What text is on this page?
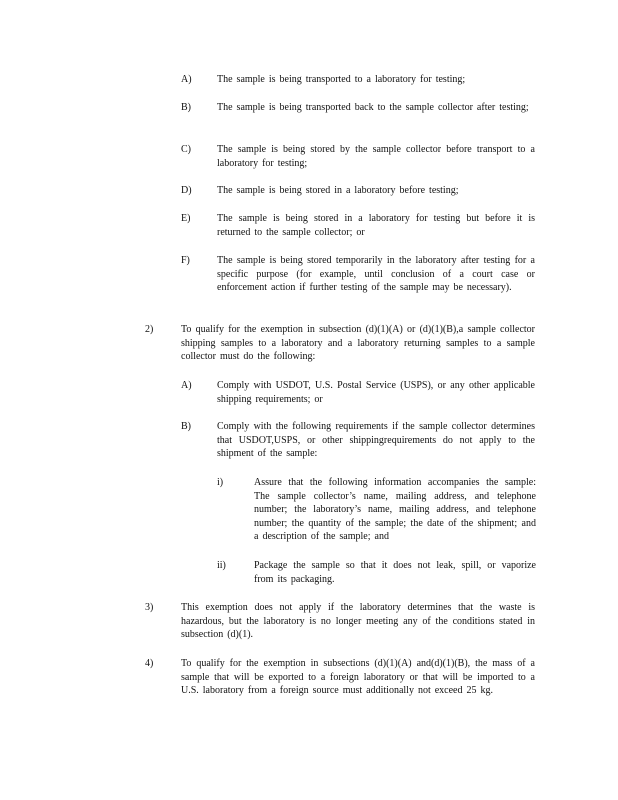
A)	The sample is being transported to a laboratory for testing;
B)	The sample is being transported back to the sample collector after testing;
C)	The sample is being stored by the sample collector before transport to a laboratory for testing;
D)	The sample is being stored in a laboratory before testing;
E)	The sample is being stored in a laboratory for testing but before it is returned to the sample collector; or
F)	The sample is being stored temporarily in the laboratory after testing for a specific purpose (for example, until conclusion of a court case or enforcement action if further testing of the sample may be necessary).
2)	To qualify for the exemption in subsection (d)(1)(A) or (d)(1)(B),a sample collector shipping samples to a laboratory and a laboratory returning samples to a sample collector must do the following:
A)	Comply with USDOT, U.S. Postal Service (USPS), or any other applicable shipping requirements; or
B)	Comply with the following requirements if the sample collector determines that USDOT,USPS, or other shippingrequirements do not apply to the shipment of the sample:
i)	Assure that the following information accompanies the sample: The sample collector’s name, mailing address, and telephone number; the laboratory’s name, mailing address, and telephone number; the quantity of the sample; the date of the shipment; and a description of the sample; and
ii)	Package the sample so that it does not leak, spill, or vaporize from its packaging.
3)	This exemption does not apply if the laboratory determines that the waste is hazardous, but the laboratory is no longer meeting any of the conditions stated in subsection (d)(1).
4)	To qualify for the exemption in subsections (d)(1)(A) and(d)(1)(B), the mass of a sample that will be exported to a foreign laboratory or that will be imported to a U.S. laboratory from a foreign source must additionally not exceed 25 kg.
